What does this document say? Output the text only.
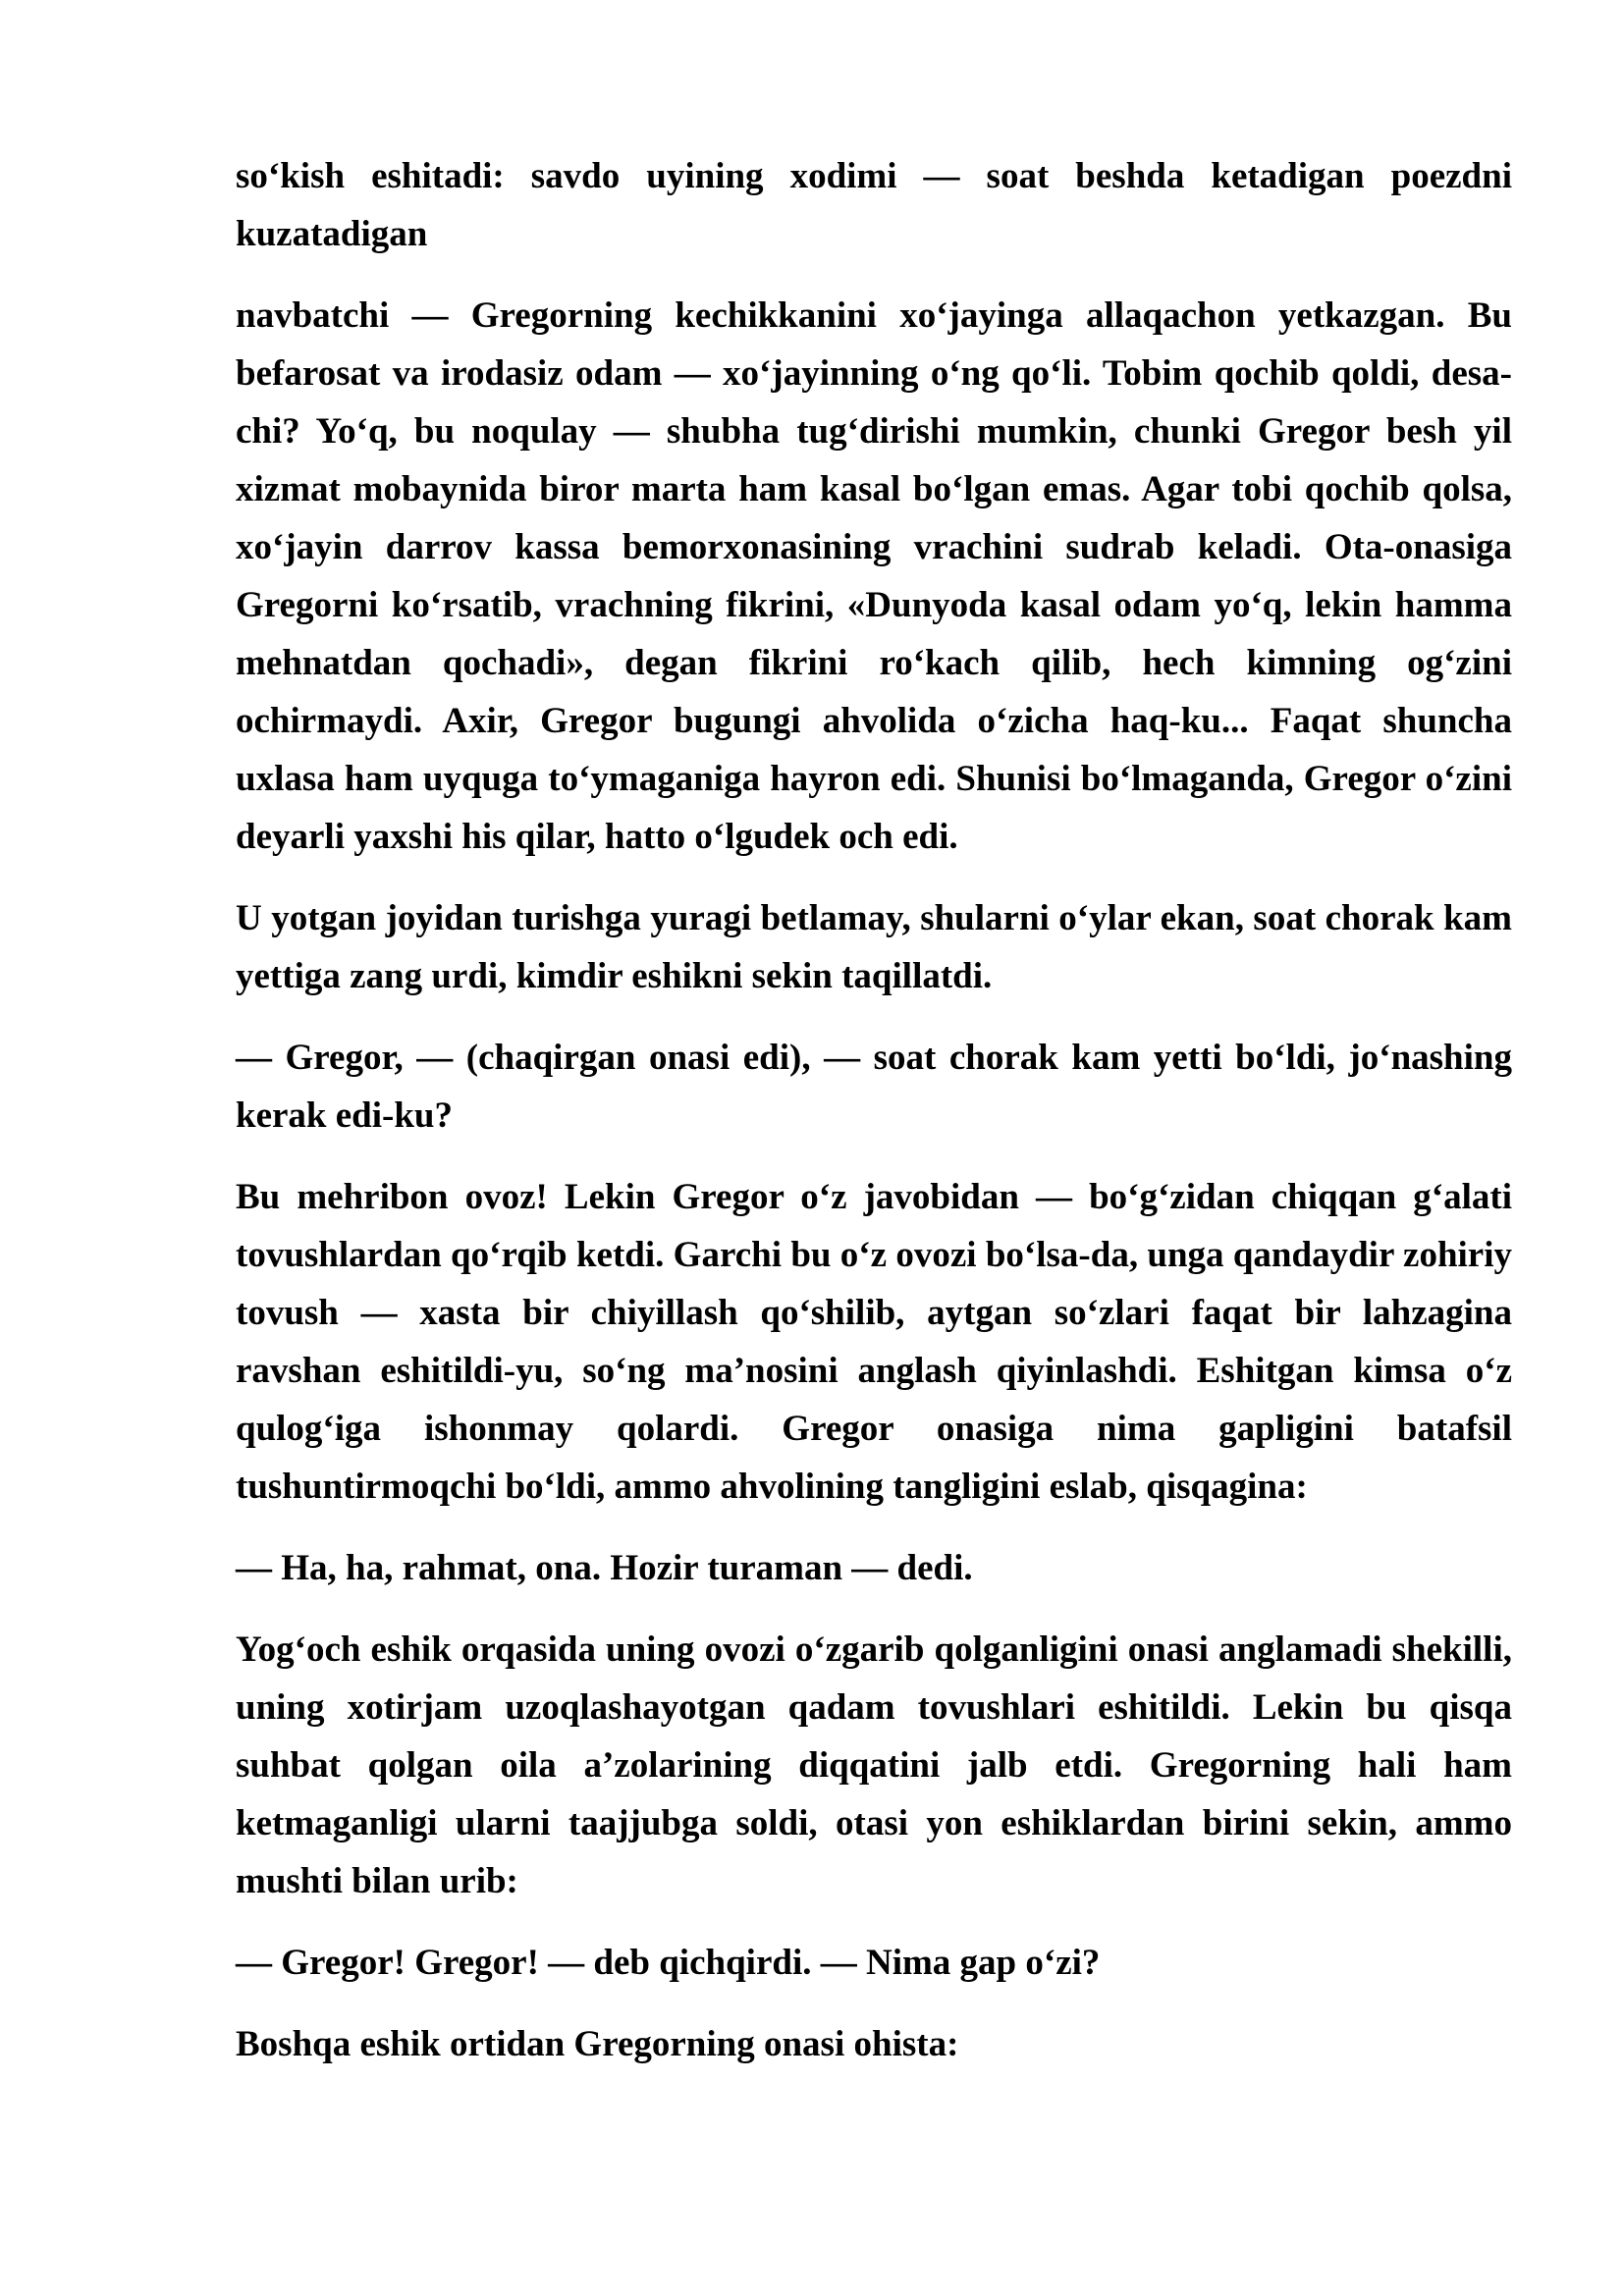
so‘kish eshitadi: savdo uyining xodimi — soat beshda ketadigan poezdni kuzatadigan

navbatchi — Gregorning kechikkanini xo‘jayinga allaqachon yetkazgan. Bu befarosat va irodasiz odam — xo‘jayinning o‘ng qo‘li. Tobim qochib qoldi, desa-chi? Yo‘q, bu noqulay — shubha tug‘dirishi mumkin, chunki Gregor besh yil xizmat mobaynida biror marta ham kasal bo‘lgan emas. Agar tobi qochib qolsa, xo‘jayin darrov kassa bemorxonasining vrachini sudrab keladi. Ota-onasiga Gregorni ko‘rsatib, vrachning fikrini, «Dunyoda kasal odam yo‘q, lekin hamma mehnatdan qochadi», degan fikrini ro‘kach qilib, hech kimning og‘zini ochirmaydi. Axir, Gregor bugungi ahvolida o‘zicha haq-ku... Faqat shuncha uxlasa ham uyquga to‘ymaganiga hayron edi. Shunisi bo‘lmaganda, Gregor o‘zini deyarli yaxshi his qilar, hatto o‘lgudek och edi.

U yotgan joyidan turishga yuragi betlamay, shularni o‘ylar ekan, soat chorak kam yettiga zang urdi, kimdir eshikni sekin taqillatdi.

— Gregor, — (chaqirgan onasi edi), — soat chorak kam yetti bo‘ldi, jo‘nashing kerak edi-ku?

Bu mehribon ovoz! Lekin Gregor o‘z javobidan — bo‘g‘zidan chiqqan g‘alati tovushlardan qo‘rqib ketdi. Garchi bu o‘z ovozi bo‘lsa-da, unga qandaydir zohiriy tovush — xasta bir chiyillash qo‘shilib, aytgan so‘zlari faqat bir lahzagina ravshan eshitildi-yu, so‘ng ma’nosini anglash qiyinlashdi. Eshitgan kimsa o‘z qulog‘iga ishonmay qolardi. Gregor onasiga nima gapligini batafsil tushuntirmoqchi bo‘ldi, ammo ahvolining tangligini eslab, qisqagina:

— Ha, ha, rahmat, ona. Hozir turaman — dedi.

Yog‘och eshik orqasida uning ovozi o‘zgarib qolganligini onasi anglamadi shekilli, uning xotirjam uzoqlashayotgan qadam tovushlari eshitildi. Lekin bu qisqa suhbat qolgan oila a’zolarining diqqatini jalb etdi. Gregorning hali ham ketmaganligi ularni taajjubga soldi, otasi yon eshiklardan birini sekin, ammo mushti bilan urib:

— Gregor! Gregor! — deb qichqirdi. — Nima gap o‘zi?

Boshqa eshik ortidan Gregorning onasi ohista:
